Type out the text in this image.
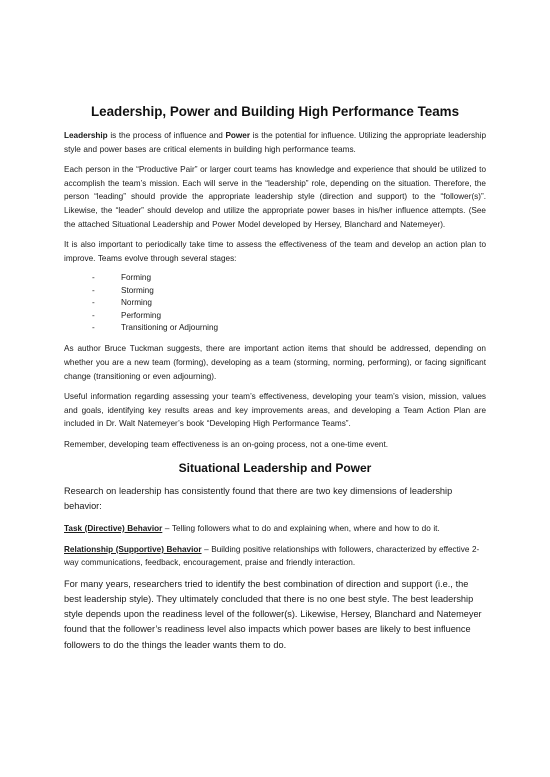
Leadership, Power and Building High Performance Teams

Leadership is the process of influence and Power is the potential for influence. Utilizing the appropriate leadership style and power bases are critical elements in building high performance teams.

Each person in the “Productive Pair” or larger court teams has knowledge and experience that should be utilized to accomplish the team’s mission. Each will serve in the “leadership” role, depending on the situation. Therefore, the person “leading” should provide the appropriate leadership style (direction and support) to the “follower(s)”. Likewise, the “leader” should develop and utilize the appropriate power bases in his/her influence attempts. (See the attached Situational Leadership and Power Model developed by Hersey, Blanchard and Natemeyer).

It is also important to periodically take time to assess the effectiveness of the team and develop an action plan to improve. Teams evolve through several stages:

-	Forming
-	Storming
-	Norming
-	Performing
-	Transitioning or Adjourning

As author Bruce Tuckman suggests, there are important action items that should be addressed, depending on whether you are a new team (forming), developing as a team (storming, norming, performing), or facing significant change (transitioning or even adjourning).

Useful information regarding assessing your team’s effectiveness, developing your team’s vision, mission, values and goals, identifying key results areas and key improvements areas, and developing a Team Action Plan are included in Dr. Walt Natemeyer’s book “Developing High Performance Teams”.

Remember, developing team effectiveness is an on-going process, not a one-time event.

Situational Leadership and Power

Research on leadership has consistently found that there are two key dimensions of leadership behavior:

Task (Directive) Behavior – Telling followers what to do and explaining when, where and how to do it.

Relationship (Supportive) Behavior – Building positive relationships with followers, characterized by effective 2-way communications, feedback, encouragement, praise and friendly interaction.

For many years, researchers tried to identify the best combination of direction and support (i.e., the best leadership style). They ultimately concluded that there is no one best style. The best leadership style depends upon the readiness level of the follower(s). Likewise, Hersey, Blanchard and Natemeyer found that the follower’s readiness level also impacts which power bases are likely to best influence followers to do the things the leader wants them to do.
